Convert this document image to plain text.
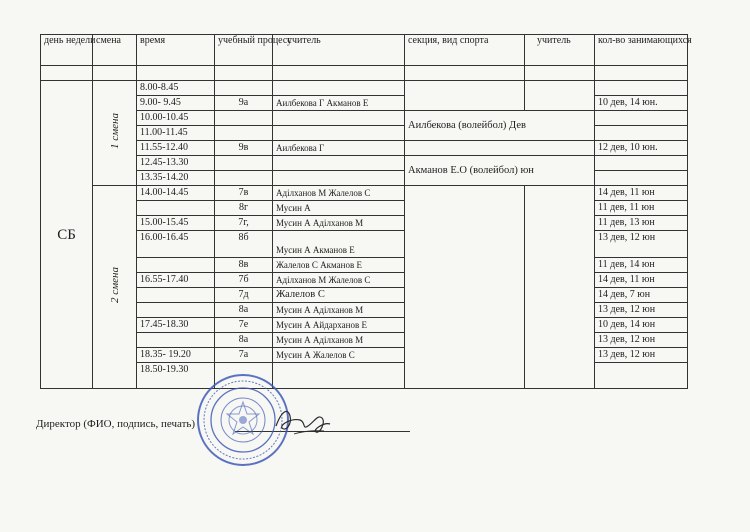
день недели	смена	время	учебный процесс	учитель	секция, вид спорта	учитель	кол-во занимающихся

СБ	1 смена	8.00-8.45					
		9.00- 9.45	9а	Аилбекова Г Акманов Е			10 дев, 14 юн.
		10.00-10.45			Аилбекова (волейбол) Дев		
		11.00-11.45					
		11.55-12.40	9в	Аилбекова Г			12 дев, 10 юн.
		12.45-13.30			Акманов Е.О (волейбол) юн		
		13.35-14.20					
	2 смена	14.00-14.45	7в	Аділханов М Жалелов С			14 дев, 11 юн
			8г	Мусин А			11 дев, 11 юн
		15.00-15.45	7г,	Мусин А Аділханов М			11 дев, 13 юн
		16.00-16.45	8б	Мусин А Акманов Е			13 дев, 12 юн
			8в	Жалелов С Акманов Е			11 дев, 14 юн
		16.55-17.40	7б	Аділханов М Жалелов С			14 дев, 11 юн
			7д	Жалелов С			14 дев, 7 юн
			8а	Мусин А Аділханов М			13 дев, 12 юн
		17.45-18.30	7е	Мусин А Айдарханов Е			10 дев, 14 юн
			8а	Мусин А Аділханов М			13 дев, 12 юн
		18.35- 19.20	7а	Мусин А Жалелов С			13 дев, 12 юн
		18.50-19.30					
Директор (ФИО, подпись, печать)
